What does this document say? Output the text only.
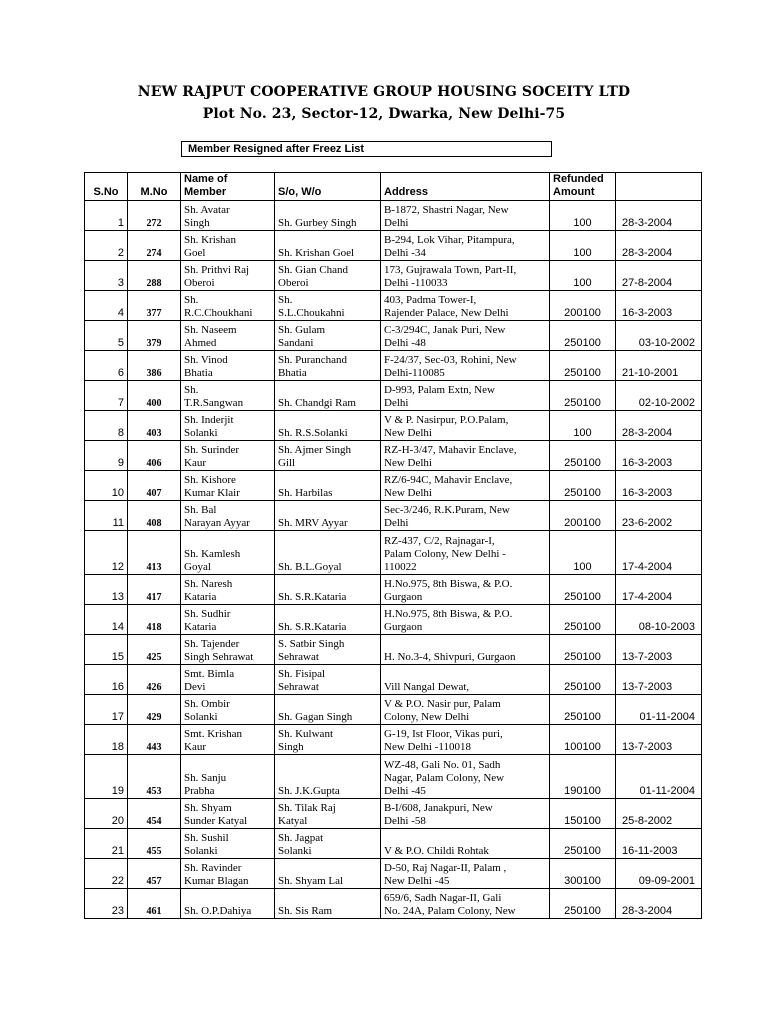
NEW RAJPUT COOPERATIVE GROUP HOUSING SOCEITY LTD
Plot No. 23, Sector-12, Dwarka, New Delhi-75
Member Resigned after Freez List
S.No	M.No	Name of
Member	S/o, W/o	Address	Refunded
Amount	

1	272	Sh. Avatar
Singh	Sh. Gurbey Singh	B-1872, Shastri Nagar, New
Delhi	100	28-3-2004
2	274	Sh. Krishan
Goel	Sh. Krishan Goel	B-294, Lok Vihar, Pitampura,
Delhi -34	100	28-3-2004
3	288	Sh. Prithvi Raj
Oberoi	Sh. Gian Chand
Oberoi	173, Gujrawala Town, Part-II,
Delhi -110033	100	27-8-2004
4	377	Sh.
R.C.Choukhani	Sh.
S.L.Choukahni	403, Padma Tower-I,
Rajender Palace, New Delhi	200100	16-3-2003
5	379	Sh. Naseem
Ahmed	Sh. Gulam
Sandani	C-3/294C, Janak Puri, New
Delhi -48	250100	03-10-2002
6	386	Sh. Vinod
Bhatia	Sh. Puranchand
Bhatia	F-24/37, Sec-03, Rohini, New
Delhi-110085	250100	21-10-2001
7	400	Sh.
T.R.Sangwan	Sh. Chandgi Ram	D-993, Palam Extn, New
Delhi	250100	02-10-2002
8	403	Sh. Inderjit
Solanki	Sh. R.S.Solanki	V & P. Nasirpur, P.O.Palam,
New Delhi	100	28-3-2004
9	406	Sh. Surinder
Kaur	Sh. Ajmer Singh
Gill	RZ-H-3/47, Mahavir Enclave,
New Delhi	250100	16-3-2003
10	407	Sh. Kishore
Kumar Klair	Sh. Harbilas	RZ/6-94C, Mahavir Enclave,
New Delhi	250100	16-3-2003
11	408	Sh. Bal
Narayan Ayyar	Sh. MRV Ayyar	Sec-3/246, R.K.Puram, New
Delhi	200100	23-6-2002
12	413	Sh. Kamlesh
Goyal	Sh. B.L.Goyal	RZ-437, C/2, Rajnagar-I,
Palam Colony, New Delhi -
110022	100	17-4-2004
13	417	Sh. Naresh
Kataria	Sh. S.R.Kataria	H.No.975, 8th Biswa, & P.O.
Gurgaon	250100	17-4-2004
14	418	Sh. Sudhir
Kataria	Sh. S.R.Kataria	H.No.975, 8th Biswa, & P.O.
Gurgaon	250100	08-10-2003
15	425	Sh. Tajender
Singh Sehrawat	S. Satbir Singh
Sehrawat	H. No.3-4, Shivpuri, Gurgaon	250100	13-7-2003
16	426	Smt. Bimla
Devi	Sh. Fisipal
Sehrawat	Vill Nangal Dewat,	250100	13-7-2003
17	429	Sh. Ombir
Solanki	Sh. Gagan Singh	V & P.O. Nasir pur, Palam
Colony, New Delhi	250100	01-11-2004
18	443	Smt. Krishan
Kaur	Sh. Kulwant
Singh	G-19, Ist Floor, Vikas puri,
New Delhi -110018	100100	13-7-2003
19	453	Sh. Sanju
Prabha	Sh. J.K.Gupta	WZ-48, Gali No. 01, Sadh
Nagar, Palam Colony, New
Delhi -45	190100	01-11-2004
20	454	Sh. Shyam
Sunder Katyal	Sh. Tilak Raj
Katyal	B-I/608, Janakpuri, New
Delhi -58	150100	25-8-2002
21	455	Sh. Sushil
Solanki	Sh. Jagpat
Solanki	V & P.O. Childi Rohtak	250100	16-11-2003
22	457	Sh. Ravinder
Kumar Blagan	Sh. Shyam Lal	D-50, Raj Nagar-II, Palam ,
New Delhi -45	300100	09-09-2001
23	461	Sh. O.P.Dahiya	Sh. Sis Ram	659/6, Sadh Nagar-II, Gali
No. 24A, Palam Colony, New	250100	28-3-2004
